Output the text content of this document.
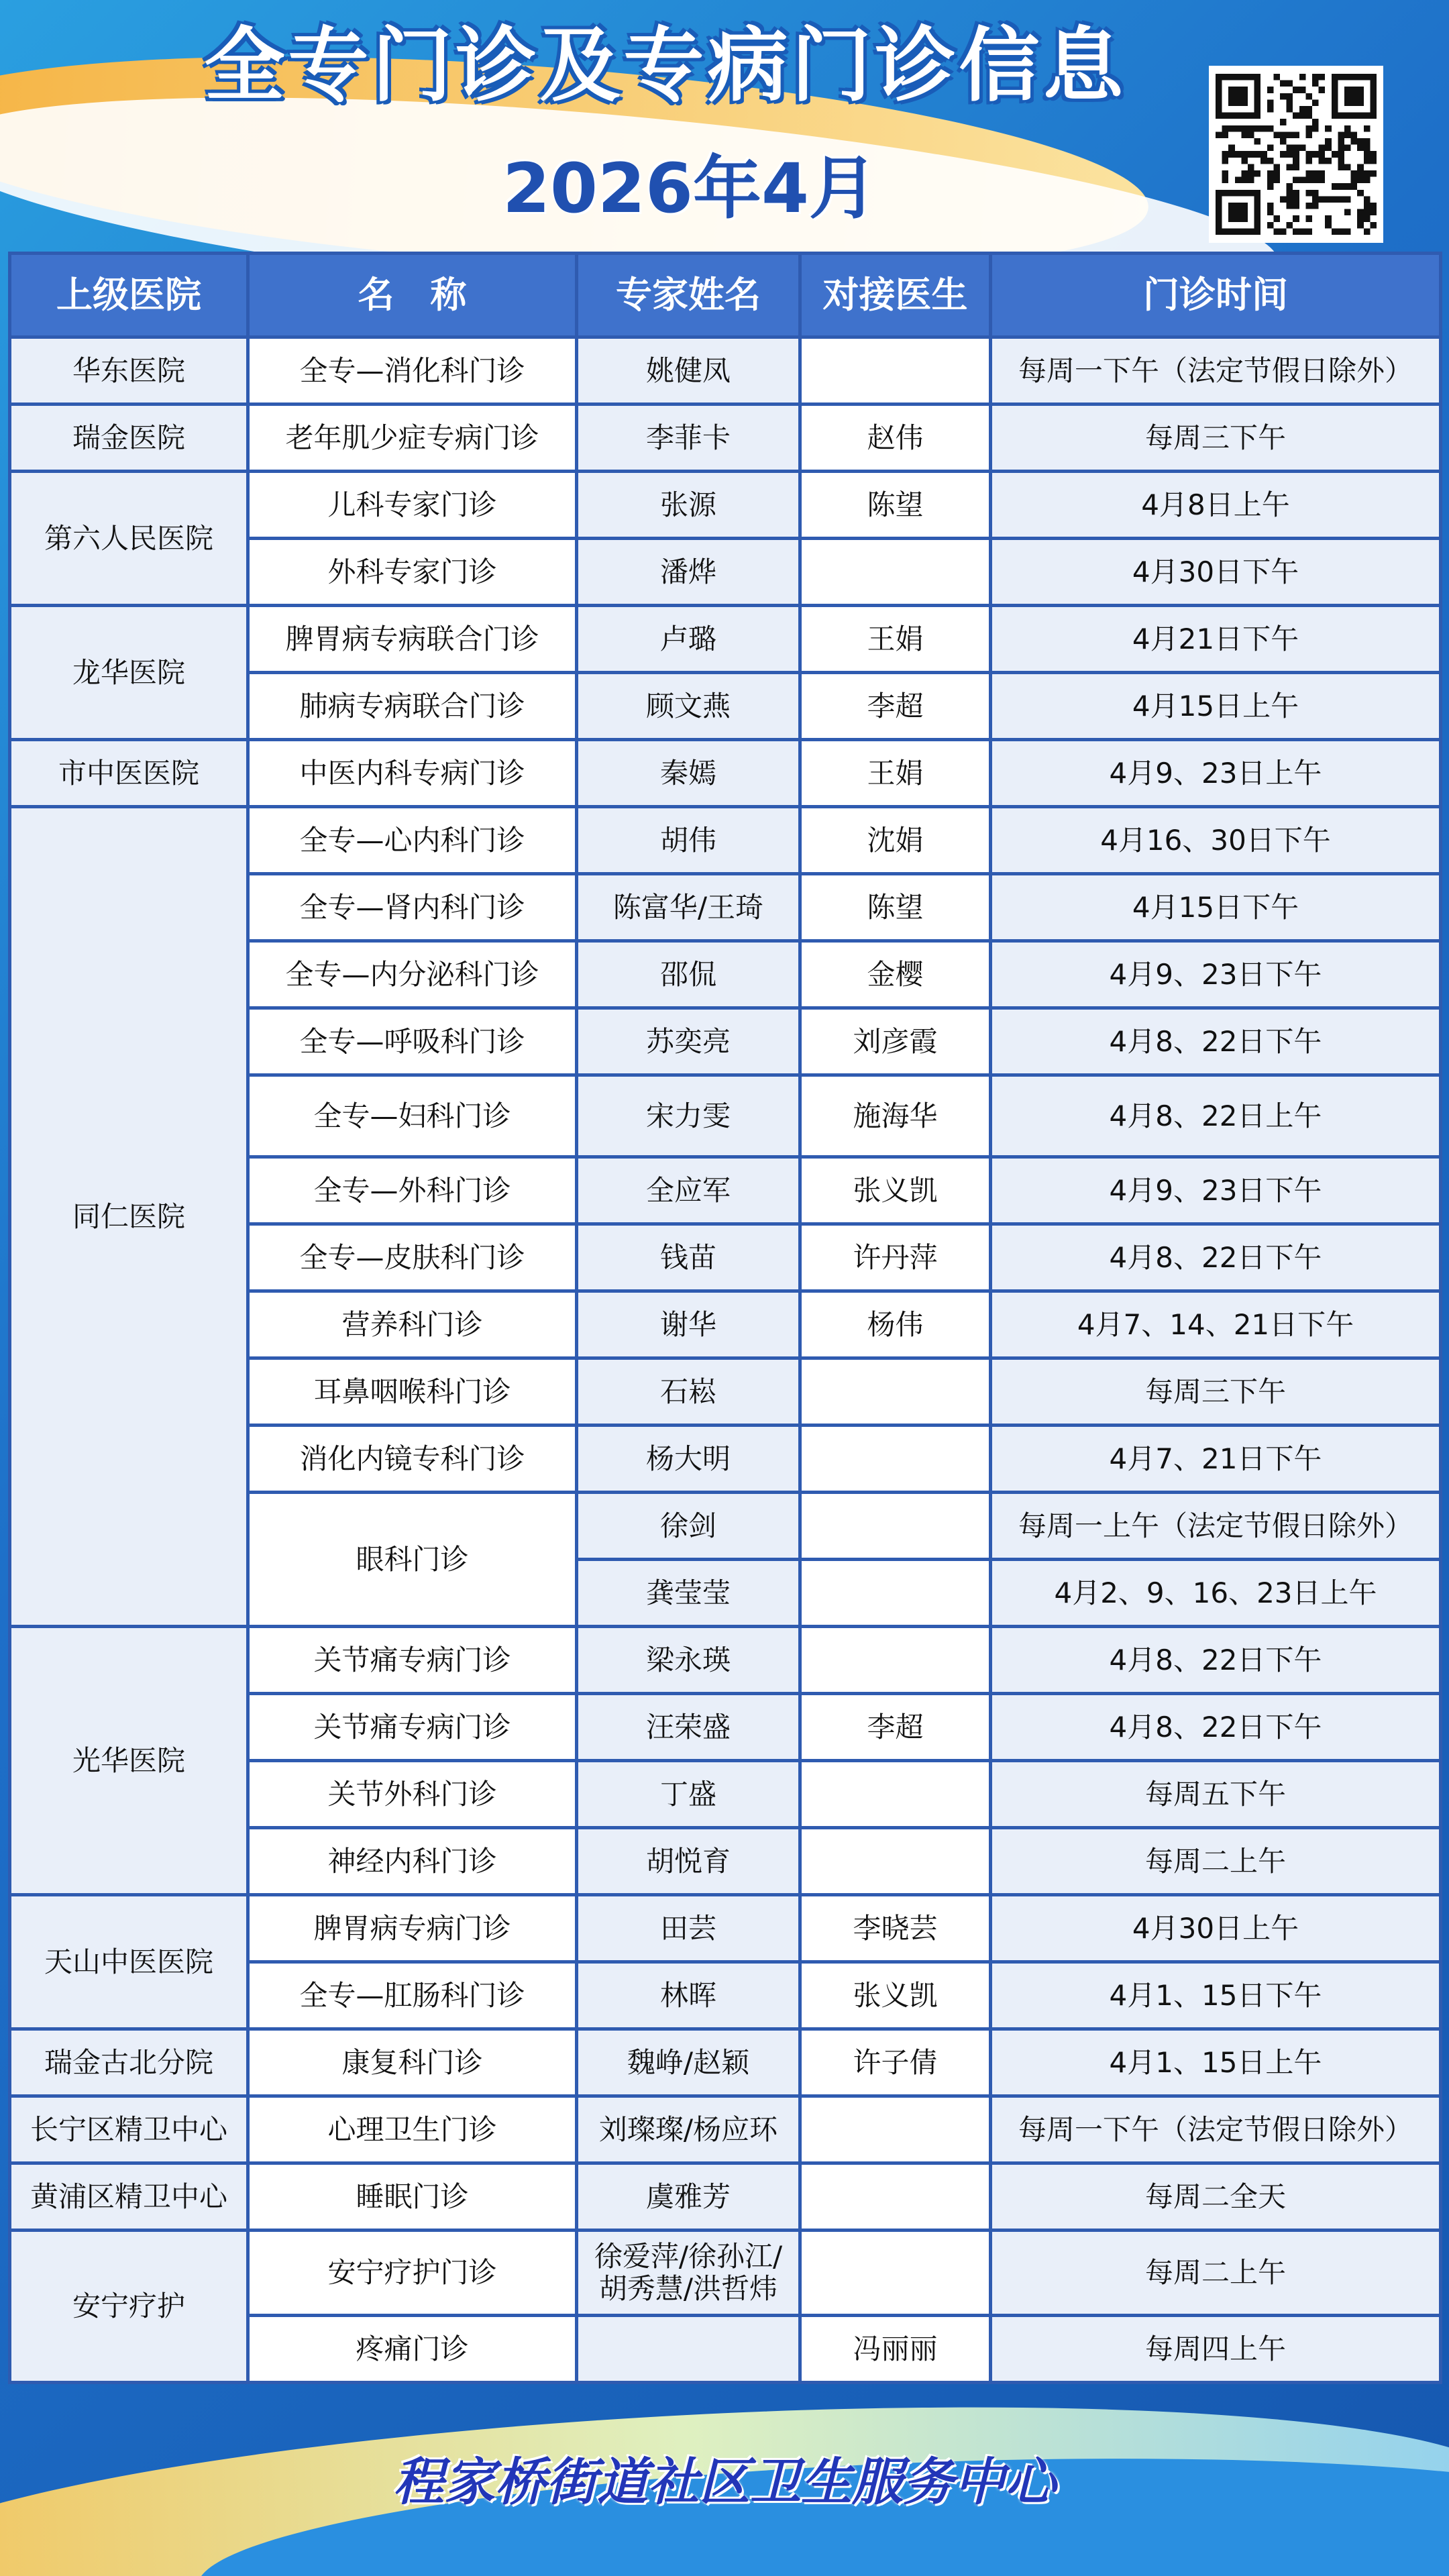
全专门诊及专病门诊信息
2026年4月
上级医院	名　称	专家姓名	对接医生	门诊时间
华东医院	全专—消化科门诊	姚健凤		每周一下午（法定节假日除外）
瑞金医院	老年肌少症专病门诊	李菲卡	赵伟	每周三下午
第六人民医院	儿科专家门诊	张源	陈望	4月8日上午
	外科专家门诊	潘烨		4月30日下午
龙华医院	脾胃病专病联合门诊	卢璐	王娟	4月21日下午
	肺病专病联合门诊	顾文燕	李超	4月15日上午
市中医医院	中医内科专病门诊	秦嫣	王娟	4月9、23日上午
同仁医院	全专—心内科门诊	胡伟	沈娟	4月16、30日下午
	全专—肾内科门诊	陈富华/王琦	陈望	4月15日下午
	全专—内分泌科门诊	邵侃	金樱	4月9、23日下午
	全专—呼吸科门诊	苏奕亮	刘彦霞	4月8、22日下午
	全专—妇科门诊	宋力雯	施海华	4月8、22日上午
	全专—外科门诊	全应军	张义凯	4月9、23日下午
	全专—皮肤科门诊	钱苗	许丹萍	4月8、22日下午
	营养科门诊	谢华	杨伟	4月7、14、21日下午
	耳鼻咽喉科门诊	石崧		每周三下午
	消化内镜专科门诊	杨大明		4月7、21日下午
	眼科门诊	徐剑		每周一上午（法定节假日除外）
		龚莹莹		4月2、9、16、23日上午
光华医院	关节痛专病门诊	梁永瑛		4月8、22日下午
	关节痛专病门诊	汪荣盛	李超	4月8、22日下午
	关节外科门诊	丁盛		每周五下午
	神经内科门诊	胡悦育		每周二上午
天山中医医院	脾胃病专病门诊	田芸	李晓芸	4月30日上午
	全专—肛肠科门诊	林晖	张义凯	4月1、15日下午
瑞金古北分院	康复科门诊	魏峥/赵颖	许子倩	4月1、15日上午
长宁区精卫中心	心理卫生门诊	刘璨璨/杨应环		每周一下午（法定节假日除外）
黄浦区精卫中心	睡眠门诊	虞雅芳		每周二全天
安宁疗护	安宁疗护门诊	徐爱萍/徐孙江/胡秀慧/洪哲炜		每周二上午
	疼痛门诊		冯丽丽	每周四上午
程家桥街道社区卫生服务中心
